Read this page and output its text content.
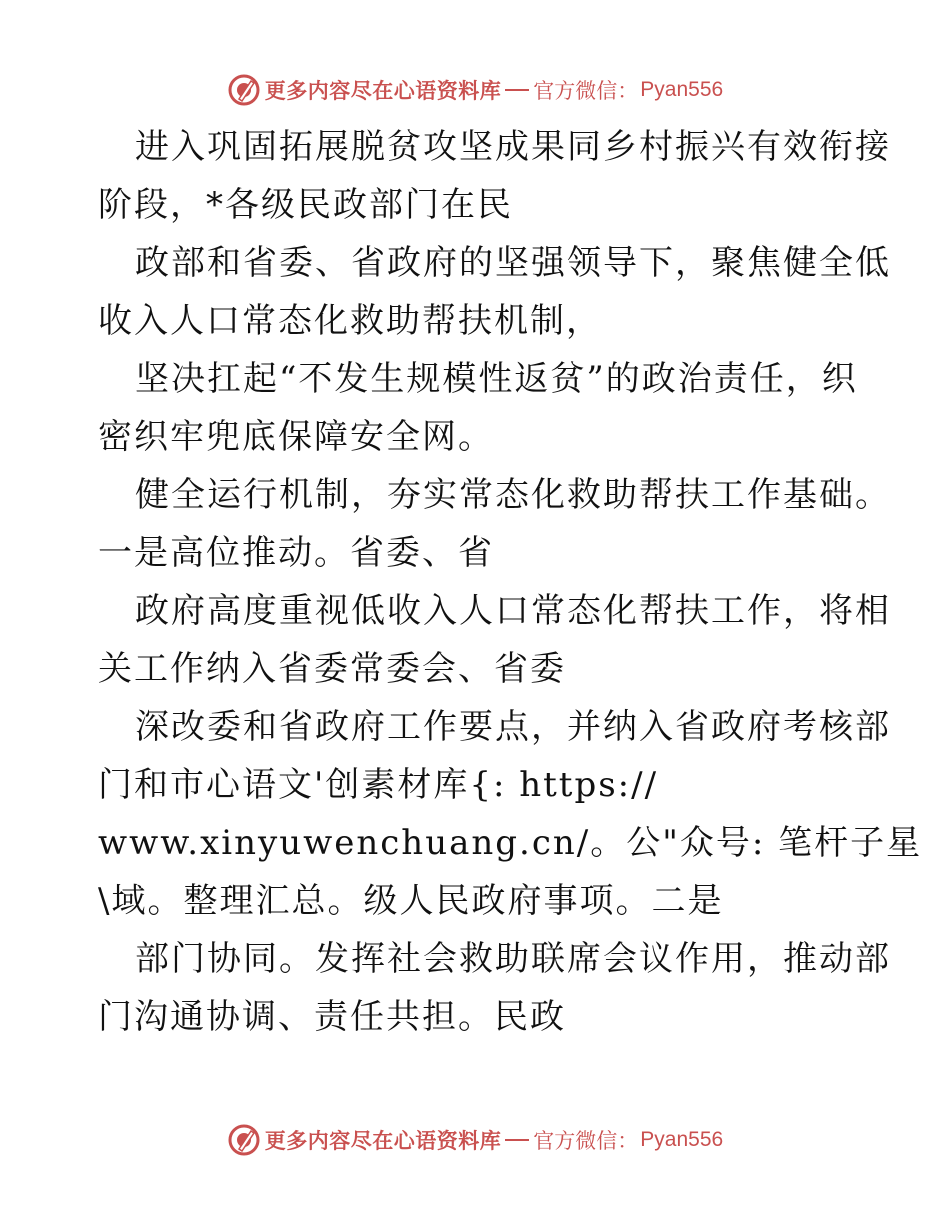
更多内容尽在心语资料库 官方微信： Pyan556
进入巩固拓展脱贫攻坚成果同乡村振兴有效衔接
阶段，*各级民政部门在民
政部和省委、省政府的坚强领导下，聚焦健全低
收入人口常态化救助帮扶机制，
坚决扛起“不发生规模性返贫”的政治责任，织
密织牢兜底保障安全网。
健全运行机制，夯实常态化救助帮扶工作基础。
一是高位推动。省委、省
政府高度重视低收入人口常态化帮扶工作，将相
关工作纳入省委常委会、省委
深改委和省政府工作要点，并纳入省政府考核部
门和市心语文'创素材库{: https://
www.xinyuwenchuang.cn/。公"众号: 笔杆子星
\域。整理汇总。级人民政府事项。二是
部门协同。发挥社会救助联席会议作用，推动部
门沟通协调、责任共担。民政
更多内容尽在心语资料库 官方微信： Pyan556
